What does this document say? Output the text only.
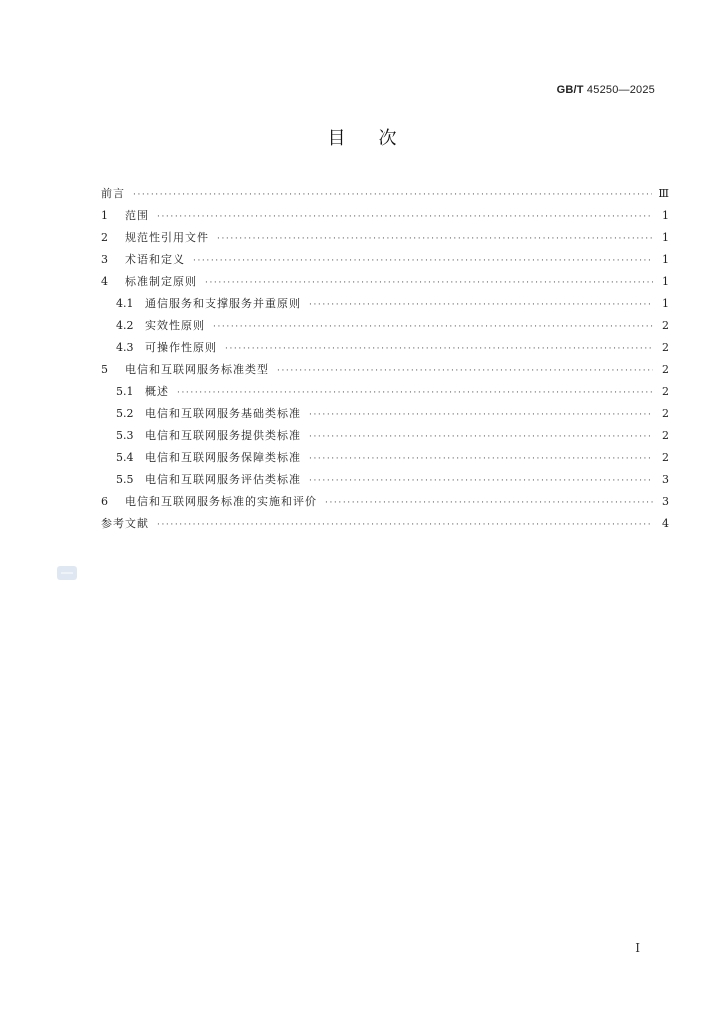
GB/T 45250—2025
目次
前言 ·····	Ⅲ
1	范围 ·····	1
2	规范性引用文件 ·····	1
3	术语和定义 ·····	1
4	标准制定原则 ·····	1
4.1	通信服务和支撑服务并重原则 ·····	1
4.2	实效性原则 ·····	2
4.3	可操作性原则 ·····	2
5	电信和互联网服务标准类型 ·····	2
5.1	概述 ·····	2
5.2	电信和互联网服务基础类标准 ·····	2
5.3	电信和互联网服务提供类标准 ·····	2
5.4	电信和互联网服务保障类标准 ·····	2
5.5	电信和互联网服务评估类标准 ·····	3
6	电信和互联网服务标准的实施和评价 ·····	3
参考文献 ·····	4
I
